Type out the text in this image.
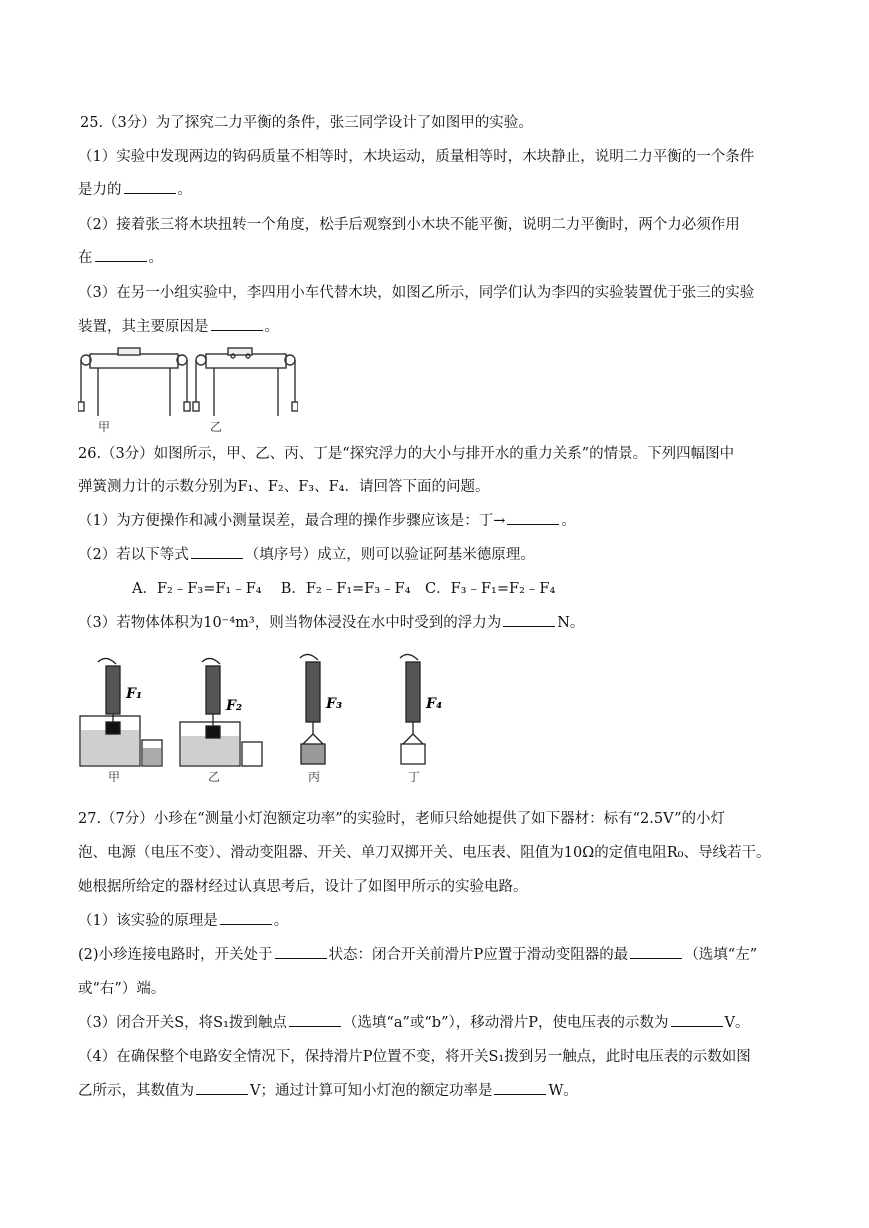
25.（3分）为了探究二力平衡的条件，张三同学设计了如图甲的实验。
（1）实验中发现两边的钩码质量不相等时，木块运动，质量相等时，木块静止，说明二力平衡的一个条件
是力的	。
（2）接着张三将木块扭转一个角度，松手后观察到小木块不能平衡，说明二力平衡时，两个力必须作用
在	。
（3）在另一小组实验中，李四用小车代替木块，如图乙所示，同学们认为李四的实验装置优于张三的实验
装置，其主要原因是	。
甲	乙
26.（3分）如图所示，甲、乙、丙、丁是“探究浮力的大小与排开水的重力关系”的情景。下列四幅图中
弹簧测力计的示数分别为F₁、F₂、F₃、F₄．请回答下面的问题。
（1）为方便操作和减小测量误差，最合理的操作步骤应该是：丁→	。
（2）若以下等式	（填序号）成立，则可以验证阿基米德原理。
A．F₂﹣F₃=F₁﹣F₄　 B．F₂﹣F₁=F₃﹣F₄　C．F₃﹣F₁=F₂﹣F₄
（3）若物体体积为10⁻⁴m³，则当物体浸没在水中时受到的浮力为	N。
F₁
F₂	F₃	F₄
甲	乙	丙	丁
27.（7分）小珍在“测量小灯泡额定功率”的实验时，老师只给她提供了如下器材：标有“2.5V”的小灯
泡、电源（电压不变）、滑动变阻器、开关、单刀双掷开关、电压表、阻值为10Ω的定值电阻R₀、导线若干。
她根据所给定的器材经过认真思考后，设计了如图甲所示的实验电路。
（1）该实验的原理是	。
(2)小珍连接电路时，开关处于	状态：闭合开关前滑片P应置于滑动变阻器的最	（选填“左”
或“右”）端。
（3）闭合开关S，将S₁拨到触点	（选填“a”或“b”），移动滑片P，使电压表的示数为	V。
（4）在确保整个电路安全情况下，保持滑片P位置不变，将开关S₁拨到另一触点，此时电压表的示数如图
乙所示，其数值为	V；通过计算可知小灯泡的额定功率是	W。
